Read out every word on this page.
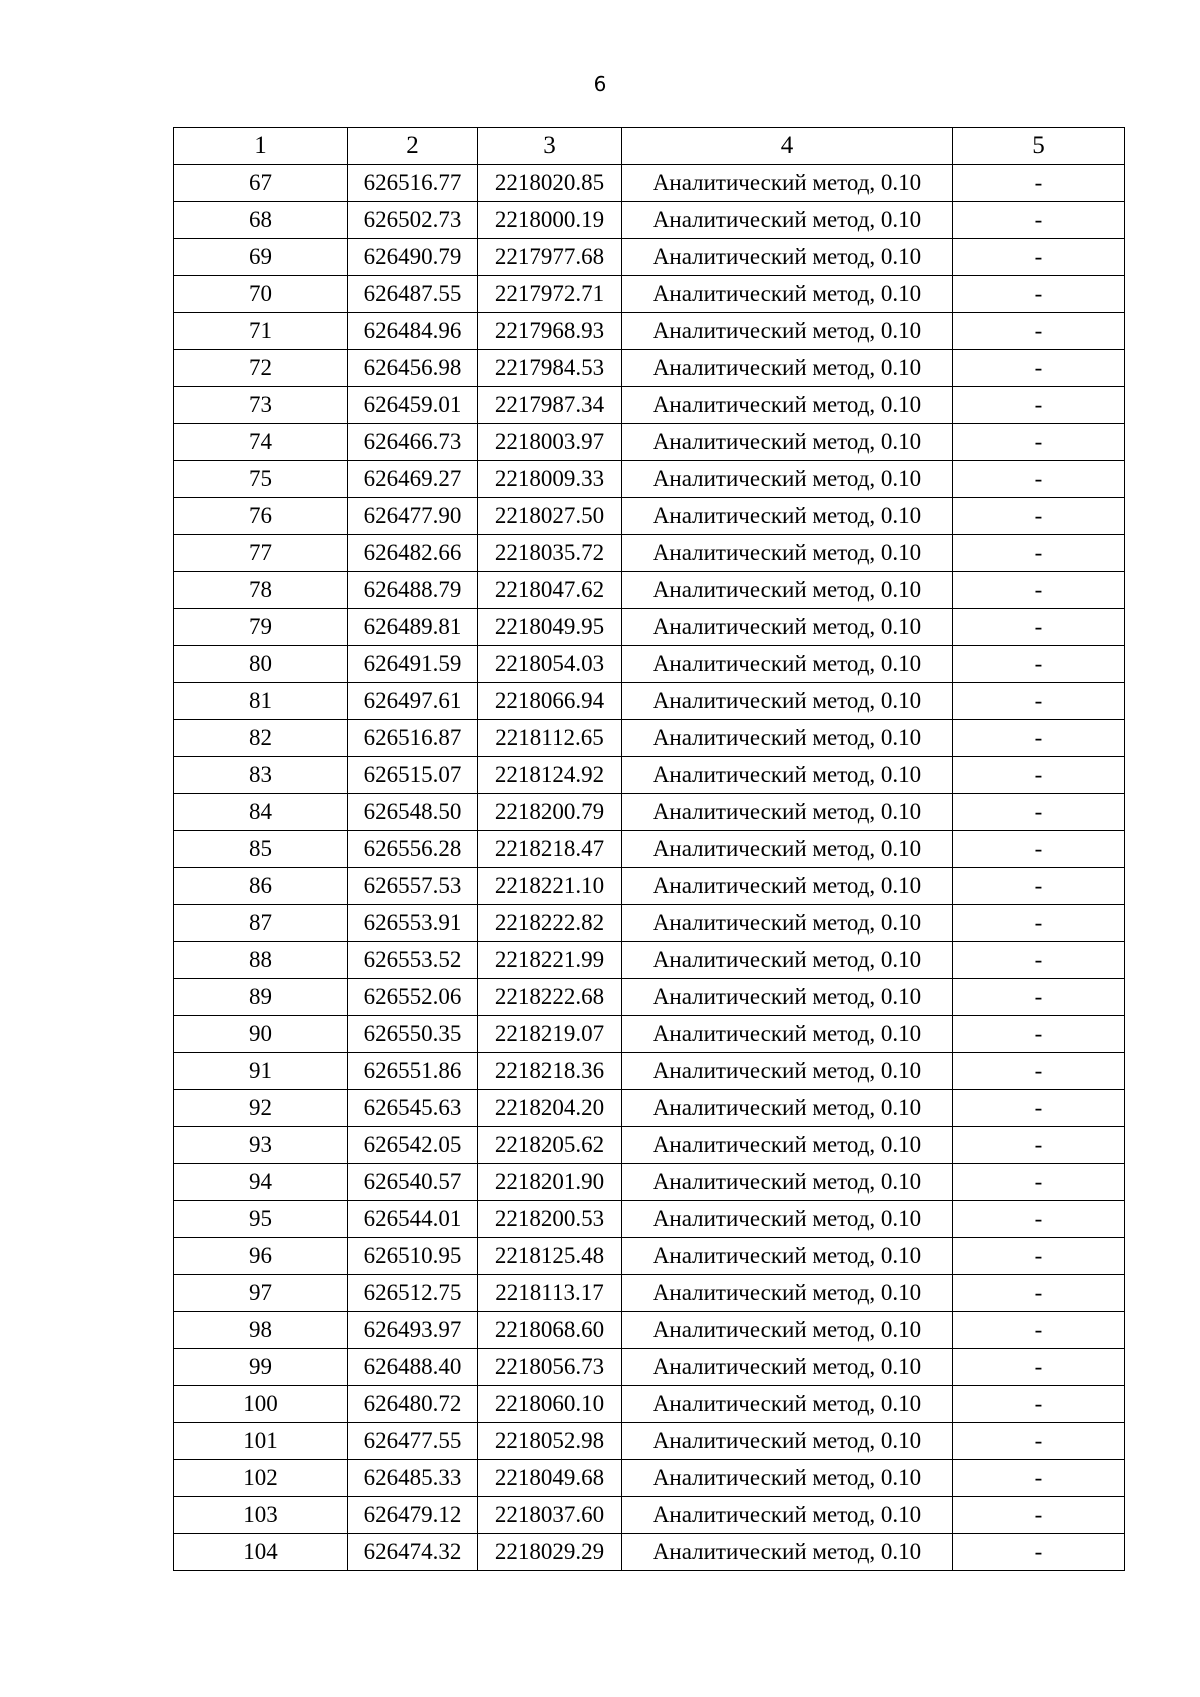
6
1	2	3	4	5
67	626516.77	2218020.85	Аналитический метод, 0.10	-
68	626502.73	2218000.19	Аналитический метод, 0.10	-
69	626490.79	2217977.68	Аналитический метод, 0.10	-
70	626487.55	2217972.71	Аналитический метод, 0.10	-
71	626484.96	2217968.93	Аналитический метод, 0.10	-
72	626456.98	2217984.53	Аналитический метод, 0.10	-
73	626459.01	2217987.34	Аналитический метод, 0.10	-
74	626466.73	2218003.97	Аналитический метод, 0.10	-
75	626469.27	2218009.33	Аналитический метод, 0.10	-
76	626477.90	2218027.50	Аналитический метод, 0.10	-
77	626482.66	2218035.72	Аналитический метод, 0.10	-
78	626488.79	2218047.62	Аналитический метод, 0.10	-
79	626489.81	2218049.95	Аналитический метод, 0.10	-
80	626491.59	2218054.03	Аналитический метод, 0.10	-
81	626497.61	2218066.94	Аналитический метод, 0.10	-
82	626516.87	2218112.65	Аналитический метод, 0.10	-
83	626515.07	2218124.92	Аналитический метод, 0.10	-
84	626548.50	2218200.79	Аналитический метод, 0.10	-
85	626556.28	2218218.47	Аналитический метод, 0.10	-
86	626557.53	2218221.10	Аналитический метод, 0.10	-
87	626553.91	2218222.82	Аналитический метод, 0.10	-
88	626553.52	2218221.99	Аналитический метод, 0.10	-
89	626552.06	2218222.68	Аналитический метод, 0.10	-
90	626550.35	2218219.07	Аналитический метод, 0.10	-
91	626551.86	2218218.36	Аналитический метод, 0.10	-
92	626545.63	2218204.20	Аналитический метод, 0.10	-
93	626542.05	2218205.62	Аналитический метод, 0.10	-
94	626540.57	2218201.90	Аналитический метод, 0.10	-
95	626544.01	2218200.53	Аналитический метод, 0.10	-
96	626510.95	2218125.48	Аналитический метод, 0.10	-
97	626512.75	2218113.17	Аналитический метод, 0.10	-
98	626493.97	2218068.60	Аналитический метод, 0.10	-
99	626488.40	2218056.73	Аналитический метод, 0.10	-
100	626480.72	2218060.10	Аналитический метод, 0.10	-
101	626477.55	2218052.98	Аналитический метод, 0.10	-
102	626485.33	2218049.68	Аналитический метод, 0.10	-
103	626479.12	2218037.60	Аналитический метод, 0.10	-
104	626474.32	2218029.29	Аналитический метод, 0.10	-
